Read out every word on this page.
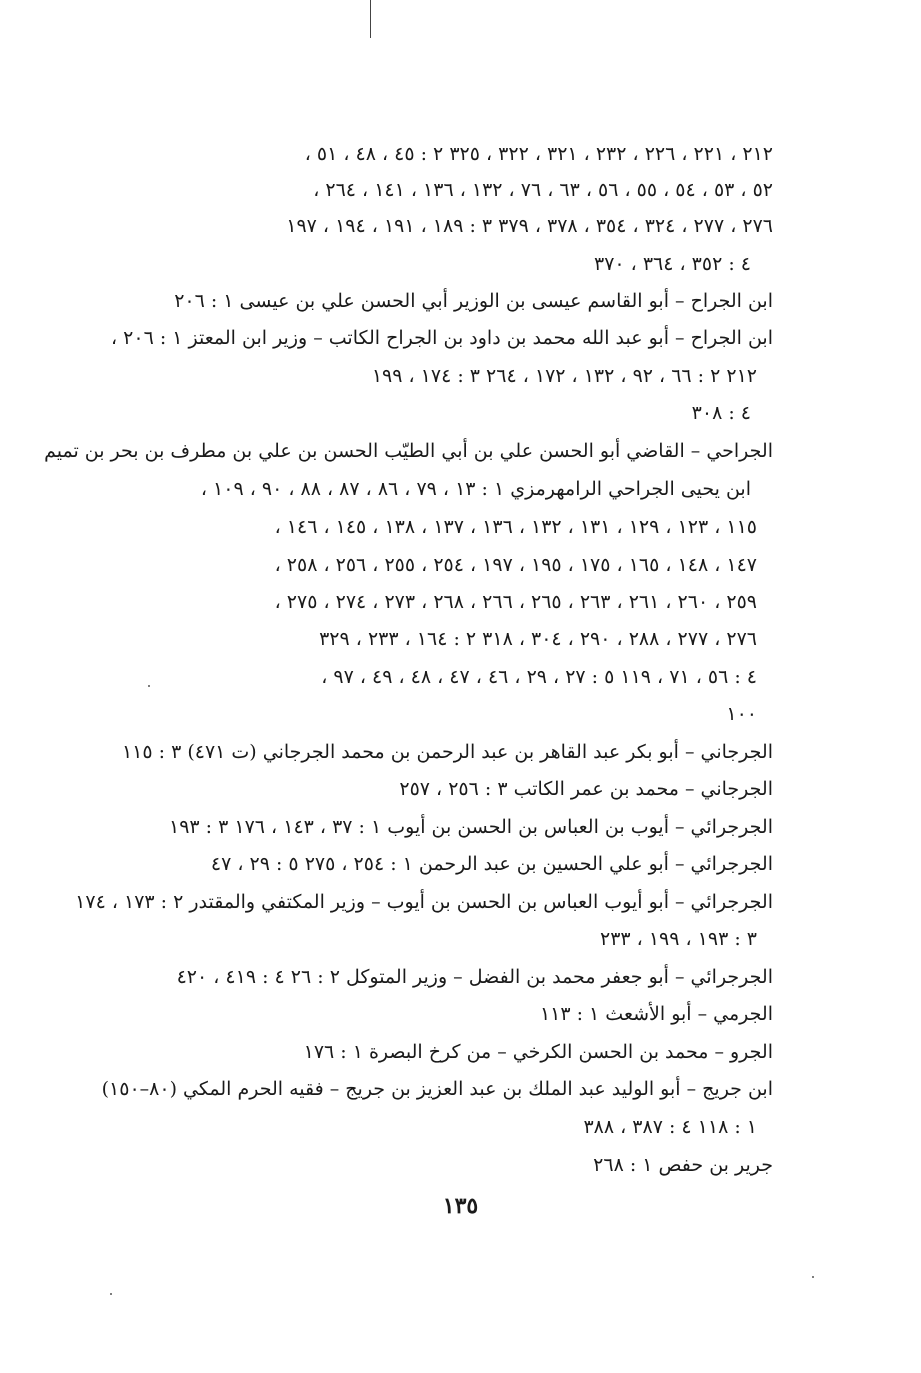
٢١٢ ، ٢٢١ ، ٢٢٦ ، ٢٣٢ ، ٣٢١ ، ٣٢٢ ، ٣٢٥ ٢ : ٤٥ ، ٤٨ ، ٥١ ،
٥٢ ، ٥٣ ، ٥٤ ، ٥٥ ، ٥٦ ، ٦٣ ، ٧٦ ، ١٣٢ ، ١٣٦ ، ١٤١ ، ٢٦٤ ،
٢٧٦ ، ٢٧٧ ، ٣٢٤ ، ٣٥٤ ، ٣٧٨ ، ٣٧٩ ٣ : ١٨٩ ، ١٩١ ، ١٩٤ ، ١٩٧
٤ : ٣٥٢ ، ٣٦٤ ، ٣٧٠
ابن الجراح – أبو القاسم عيسى بن الوزير أبي الحسن علي بن عيسى ١ : ٢٠٦
ابن الجراح – أبو عبد الله محمد بن داود بن الجراح الكاتب – وزير ابن المعتز ١ : ٢٠٦ ،
٢١٢ ٢ : ٦٦ ، ٩٢ ، ١٣٢ ، ١٧٢ ، ٢٦٤ ٣ : ١٧٤ ، ١٩٩
٤ : ٣٠٨
الجراحي – القاضي أبو الحسن علي بن أبي الطيّب الحسن بن علي بن مطرف بن بحر بن تميم
ابن يحيى الجراحي الرامهرمزي ١ : ١٣ ، ٧٩ ، ٨٦ ، ٨٧ ، ٨٨ ، ٩٠ ، ١٠٩ ،
١١٥ ، ١٢٣ ، ١٢٩ ، ١٣١ ، ١٣٢ ، ١٣٦ ، ١٣٧ ، ١٣٨ ، ١٤٥ ، ١٤٦ ،
١٤٧ ، ١٤٨ ، ١٦٥ ، ١٧٥ ، ١٩٥ ، ١٩٧ ، ٢٥٤ ، ٢٥٥ ، ٢٥٦ ، ٢٥٨ ،
٢٥٩ ، ٢٦٠ ، ٢٦١ ، ٢٦٣ ، ٢٦٥ ، ٢٦٦ ، ٢٦٨ ، ٢٧٣ ، ٢٧٤ ، ٢٧٥ ،
٢٧٦ ، ٢٧٧ ، ٢٨٨ ، ٢٩٠ ، ٣٠٤ ، ٣١٨ ٢ : ١٦٤ ، ٢٣٣ ، ٣٢٩
٤ : ٥٦ ، ٧١ ، ١١٩ ٥ : ٢٧ ، ٢٩ ، ٤٦ ، ٤٧ ، ٤٨ ، ٤٩ ، ٩٧ ،
١٠٠
الجرجاني – أبو بكر عبد القاهر بن عبد الرحمن بن محمد الجرجاني (ت ٤٧١) ٣ : ١١٥
الجرجاني – محمد بن عمر الكاتب ٣ : ٢٥٦ ، ٢٥٧
الجرجرائي – أيوب بن العباس بن الحسن بن أيوب ١ : ٣٧ ، ١٤٣ ، ١٧٦ ٣ : ١٩٣
الجرجرائي – أبو علي الحسين بن عبد الرحمن ١ : ٢٥٤ ، ٢٧٥ ٥ : ٢٩ ، ٤٧
الجرجرائي – أبو أيوب العباس بن الحسن بن أيوب – وزير المكتفي والمقتدر ٢ : ١٧٣ ، ١٧٤
٣ : ١٩٣ ، ١٩٩ ، ٢٣٣
الجرجرائي – أبو جعفر محمد بن الفضل – وزير المتوكل ٢ : ٢٦ ٤ : ٤١٩ ، ٤٢٠
الجرمي – أبو الأشعث ١ : ١١٣
الجرو – محمد بن الحسن الكرخي – من كرخ البصرة ١ : ١٧٦
ابن جريج – أبو الوليد عبد الملك بن عبد العزيز بن جريج – فقيه الحرم المكي (٨٠–١٥٠)
١ : ١١٨ ٤ : ٣٨٧ ، ٣٨٨
جرير بن حفص ١ : ٢٦٨
١٣٥
